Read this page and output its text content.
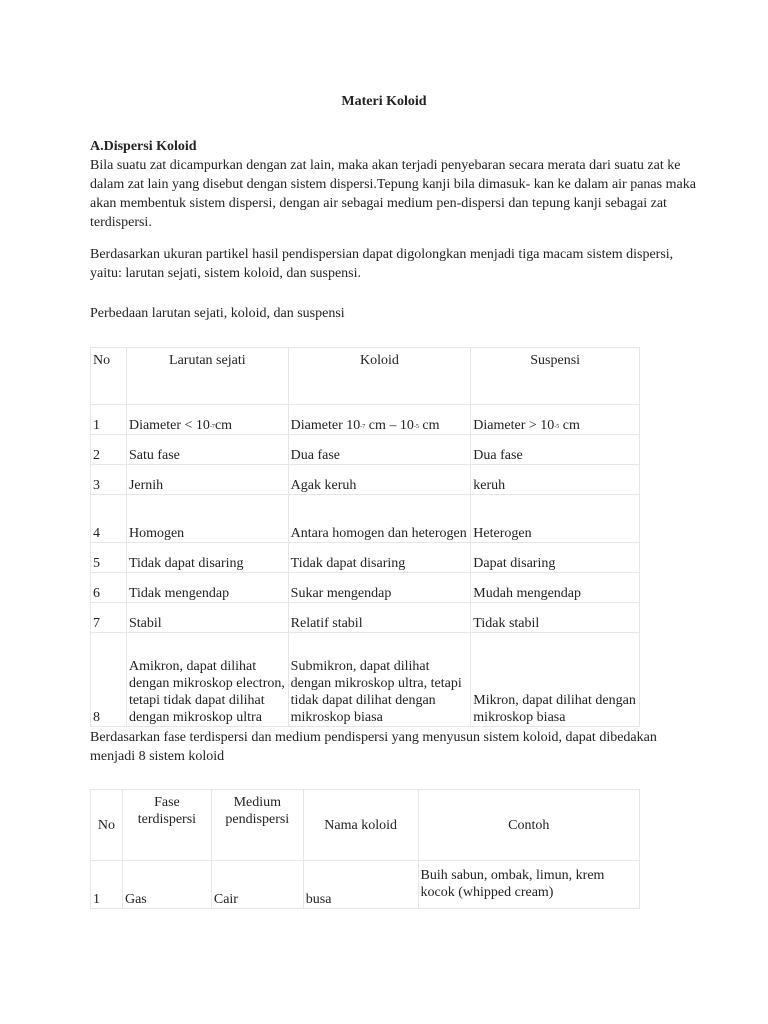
Materi Koloid
A.Dispersi Koloid
Bila suatu zat dicampurkan dengan zat lain, maka akan terjadi penyebaran secara merata dari suatu zat ke dalam zat lain yang disebut dengan sistem dispersi.Tepung kanji bila dimasuk- kan ke dalam air panas maka akan membentuk sistem dispersi, dengan air sebagai medium pen-dispersi dan tepung kanji sebagai zat terdispersi.
Berdasarkan ukuran partikel hasil pendispersian dapat digolongkan menjadi tiga macam sistem dispersi, yaitu: larutan sejati, sistem koloid, dan suspensi.
Perbedaan larutan sejati, koloid, dan suspensi
No	Larutan sejati	Koloid	Suspensi
1	Diameter < $10^{-7}cm$	Diameter $10^{-7}$ cm – $10^{-5}$ cm	Diameter > $10^{-5}$ cm
2	Satu fase	Dua fase	Dua fase
3	Jernih	Agak keruh	keruh
4	Homogen	Antara homogen dan heterogen	Heterogen
5	Tidak dapat disaring	Tidak dapat disaring	Dapat disaring
6	Tidak mengendap	Sukar mengendap	Mudah mengendap
7	Stabil	Relatif stabil	Tidak stabil
8	Amikron, dapat dilihat dengan mikroskop electron, tetapi tidak dapat dilihat dengan mikroskop ultra	Submikron, dapat dilihat dengan mikroskop ultra, tetapi tidak dapat dilihat dengan mikroskop biasa	Mikron, dapat dilihat dengan mikroskop biasa
Berdasarkan fase terdispersi dan medium pendispersi yang menyusun sistem koloid, dapat dibedakan menjadi 8 sistem koloid
No	Fase terdispersi	Medium pendispersi	Nama koloid	Contoh
1	Gas	Cair	busa	Buih sabun, ombak, limun, krem kocok (whipped cream)
